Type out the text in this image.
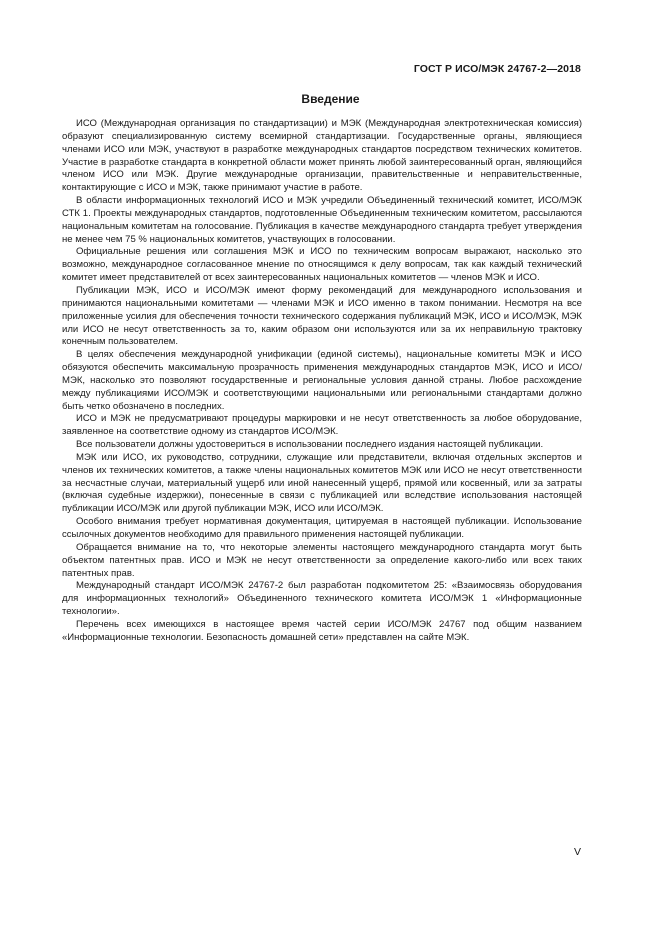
ГОСТ Р ИСО/МЭК 24767-2—2018
Введение

ИСО (Международная организация по стандартизации) и МЭК (Международная электротехническая комиссия) образуют специализированную систему всемирной стандартизации. Государственные органы, являющиеся членами ИСО или МЭК, участвуют в разработке международных стандартов посредством технических комитетов. Участие в разработке стандарта в конкретной области может принять любой заинтересованный орган, являющийся членом ИСО или МЭК. Другие международные организации, правительственные и неправительственные, контактирующие с ИСО и МЭК, также принимают участие в работе.

В области информационных технологий ИСО и МЭК учредили Объединенный технический комитет, ИСО/МЭК СТК 1. Проекты международных стандартов, подготовленные Объединенным техническим комитетом, рассылаются национальным комитетам на голосование. Публикация в качестве международного стандарта требует утверждения не менее чем 75 % национальных комитетов, участвующих в голосовании.

Официальные решения или соглашения МЭК и ИСО по техническим вопросам выражают, насколько это возможно, международное согласованное мнение по относящимся к делу вопросам, так как каждый технический комитет имеет представителей от всех заинтересованных национальных комитетов — членов МЭК и ИСО.

Публикации МЭК, ИСО и ИСО/МЭК имеют форму рекомендаций для международного использования и принимаются национальными комитетами — членами МЭК и ИСО именно в таком понимании. Несмотря на все приложенные усилия для обеспечения точности технического содержания публикаций МЭК, ИСО и ИСО/МЭК, МЭК или ИСО не несут ответственность за то, каким образом они используются или за их неправильную трактовку конечным пользователем.

В целях обеспечения международной унификации (единой системы), национальные комитеты МЭК и ИСО обязуются обеспечить максимальную прозрачность применения международных стандартов МЭК, ИСО и ИСО/ МЭК, насколько это позволяют государственные и региональные условия данной страны. Любое расхождение между публикациями ИСО/МЭК и соответствующими национальными или региональными стандартами должно быть четко обозначено в последних.

ИСО и МЭК не предусматривают процедуры маркировки и не несут ответственность за любое оборудование, заявленное на соответствие одному из стандартов ИСО/МЭК.

Все пользователи должны удостовериться в использовании последнего издания настоящей публикации.

МЭК или ИСО, их руководство, сотрудники, служащие или представители, включая отдельных экспертов и членов их технических комитетов, а также члены национальных комитетов МЭК или ИСО не несут ответственности за несчастные случаи, материальный ущерб или иной нанесенный ущерб, прямой или косвенный, или за затраты (включая судебные издержки), понесенные в связи с публикацией или вследствие использования настоящей публикации ИСО/МЭК или другой публикации МЭК, ИСО или ИСО/МЭК.

Особого внимания требует нормативная документация, цитируемая в настоящей публикации. Использование ссылочных документов необходимо для правильного применения настоящей публикации.

Обращается внимание на то, что некоторые элементы настоящего международного стандарта могут быть объектом патентных прав. ИСО и МЭК не несут ответственности за определение какого-либо или всех таких патентных прав.

Международный стандарт ИСО/МЭК 24767-2 был разработан подкомитетом 25: «Взаимосвязь оборудования для информационных технологий» Объединенного технического комитета ИСО/МЭК 1 «Информационные технологии».

Перечень всех имеющихся в настоящее время частей серии ИСО/МЭК 24767 под общим названием «Информационные технологии. Безопасность домашней сети» представлен на сайте МЭК.

V
